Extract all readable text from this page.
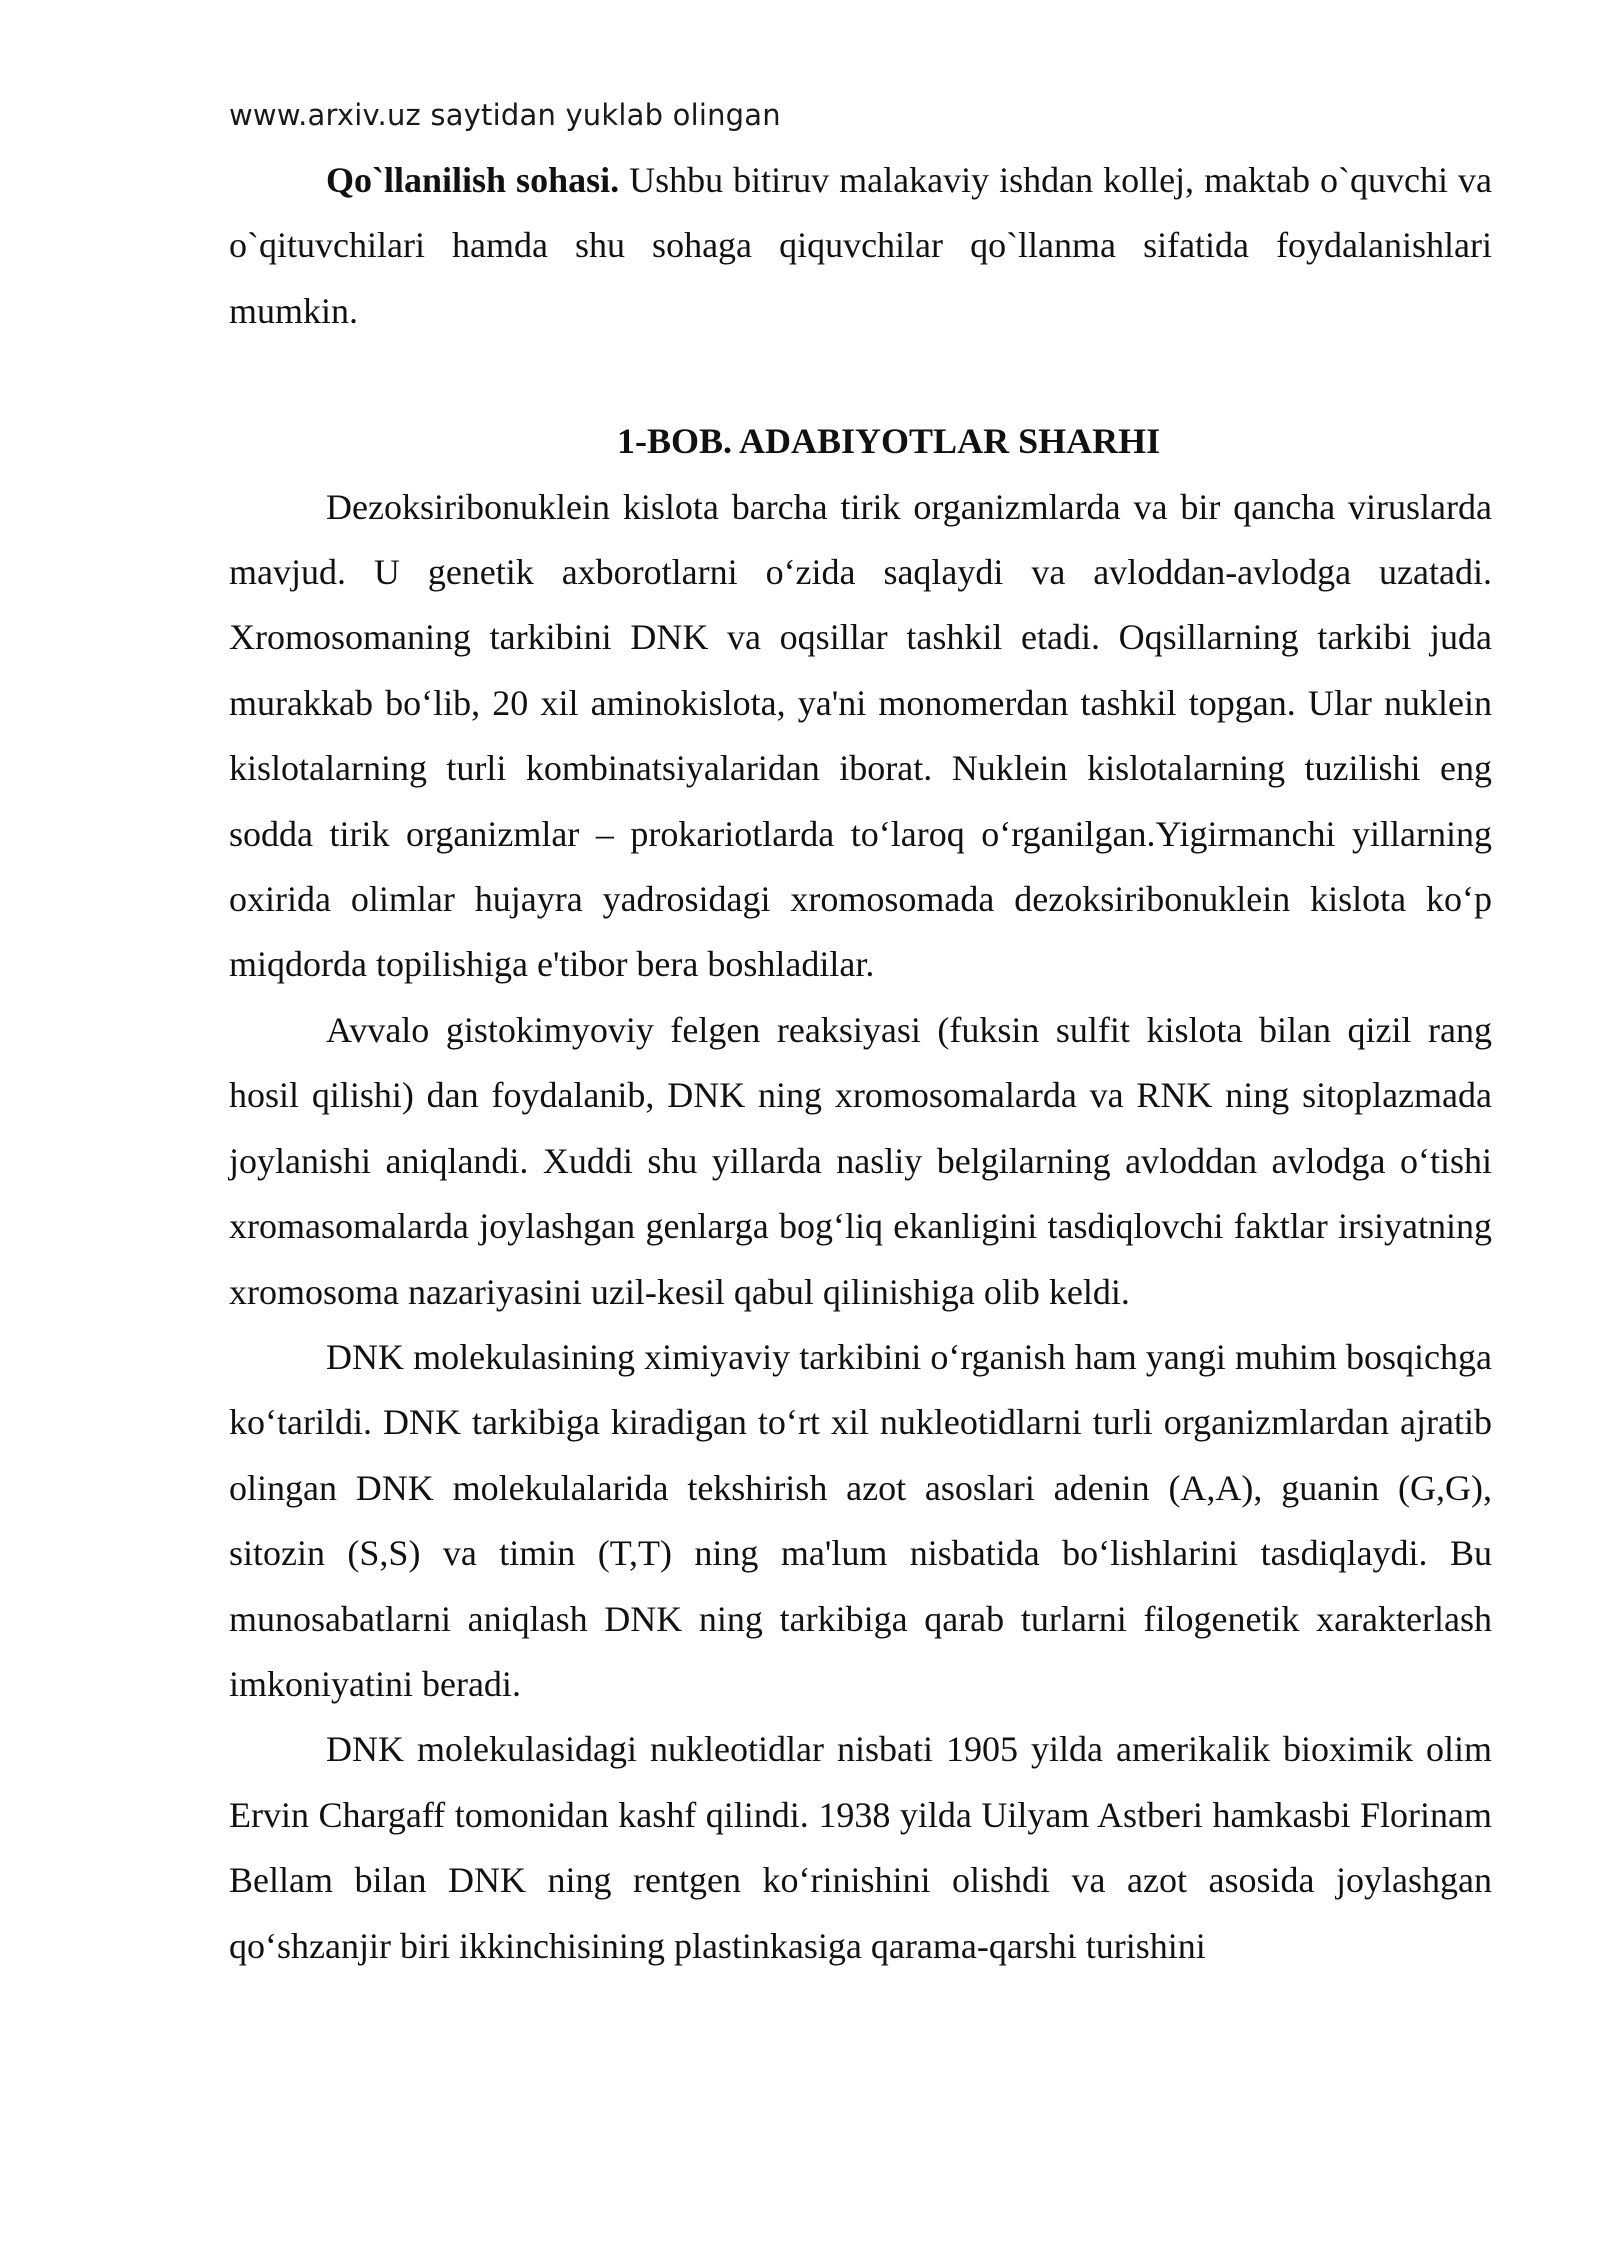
www.arxiv.uz saytidan yuklab olingan

Qo`llanilish sohasi. Ushbu bitiruv malakaviy ishdan kollej, maktab o`quvchi va o`qituvchilari hamda shu sohaga qiquvchilar qo`llanma sifatida foydalanishlari mumkin.

1-BOB. ADABIYOTLAR SHARHI

Dezoksiribonuklein kislota barcha tirik organizmlarda va bir qancha viruslarda mavjud. U genetik axborotlarni o‘zida saqlaydi va avloddan-avlodga uzatadi. Xromosomaning tarkibini DNK va oqsillar tashkil etadi. Oqsillarning tarkibi juda murakkab bo‘lib, 20 xil aminokislota, ya'ni monomerdan tashkil topgan. Ular nuklein kislotalarning turli kombinatsiyalaridan iborat. Nuklein kislotalarning tuzilishi eng sodda tirik organizmlar – prokariotlarda to‘laroq o‘rganilgan.Yigirmanchi yillarning oxirida olimlar hujayra yadrosidagi xromosomada dezoksiribonuklein kislota ko‘p miqdorda topilishiga e'tibor bera boshladilar.

Avvalo gistokimyoviy felgen reaksiyasi (fuksin sulfit kislota bilan qizil rang hosil qilishi) dan foydalanib, DNK ning xromosomalarda va RNK ning sitoplazmada joylanishi aniqlandi. Xuddi shu yillarda nasliy belgilarning avloddan avlodga o‘tishi xromasomalarda joylashgan genlarga bog‘liq ekanligini tasdiqlovchi faktlar irsiyatning xromosoma nazariyasini uzil-kesil qabul qilinishiga olib keldi.

DNK molekulasining ximiyaviy tarkibini o‘rganish ham yangi muhim bosqichga ko‘tarildi. DNK tarkibiga kiradigan to‘rt xil nukleotidlarni turli organizmlardan ajratib olingan DNK molekulalarida tekshirish azot asoslari adenin (A,A), guanin (G,G), sitozin (S,S) va timin (T,T) ning ma'lum nisbatida bo‘lishlarini tasdiqlaydi. Bu munosabatlarni aniqlash DNK ning tarkibiga qarab turlarni filogenetik xarakterlash imkoniyatini beradi.

DNK molekulasidagi nukleotidlar nisbati 1905 yilda amerikalik bioximik olim Ervin Chargaff tomonidan kashf qilindi. 1938 yilda Uilyam Astberi hamkasbi Florinam Bellam bilan DNK ning rentgen ko‘rinishini olishdi va azot asosida joylashgan qo‘shzanjir biri ikkinchisining plastinkasiga qarama-qarshi turishini
